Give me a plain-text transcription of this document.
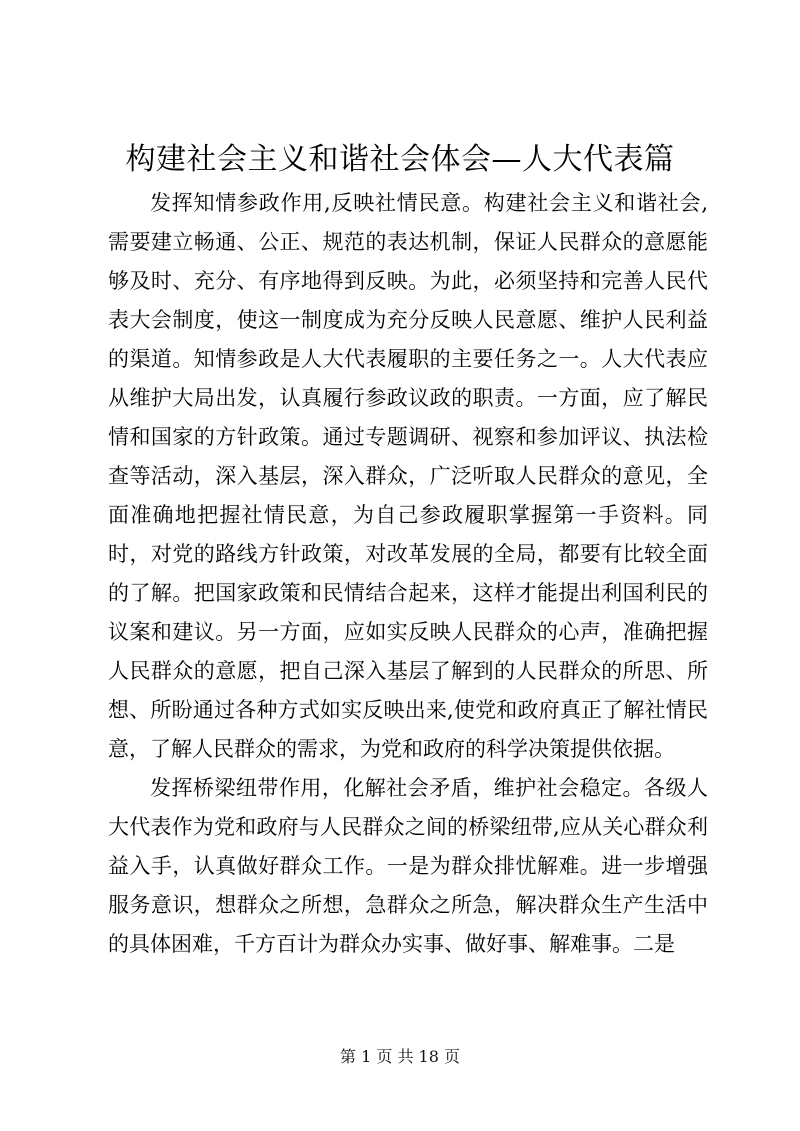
构建社会主义和谐社会体会—人大代表篇

发挥知情参政作用,反映社情民意。构建社会主义和谐社会,需要建立畅通、公正、规范的表达机制，保证人民群众的意愿能够及时、充分、有序地得到反映。为此，必须坚持和完善人民代表大会制度，使这一制度成为充分反映人民意愿、维护人民利益的渠道。知情参政是人大代表履职的主要任务之一。人大代表应从维护大局出发，认真履行参政议政的职责。一方面，应了解民情和国家的方针政策。通过专题调研、视察和参加评议、执法检查等活动，深入基层，深入群众，广泛听取人民群众的意见，全面准确地把握社情民意，为自己参政履职掌握第一手资料。同时，对党的路线方针政策，对改革发展的全局，都要有比较全面的了解。把国家政策和民情结合起来，这样才能提出利国利民的议案和建议。另一方面，应如实反映人民群众的心声，准确把握人民群众的意愿，把自己深入基层了解到的人民群众的所思、所想、所盼通过各种方式如实反映出来,使党和政府真正了解社情民意，了解人民群众的需求，为党和政府的科学决策提供依据。

发挥桥梁纽带作用，化解社会矛盾，维护社会稳定。各级人大代表作为党和政府与人民群众之间的桥梁纽带,应从关心群众利益入手，认真做好群众工作。一是为群众排忧解难。进一步增强服务意识，想群众之所想，急群众之所急，解决群众生产生活中的具体困难，千方百计为群众办实事、做好事、解难事。二是

第 1 页 共 18 页
